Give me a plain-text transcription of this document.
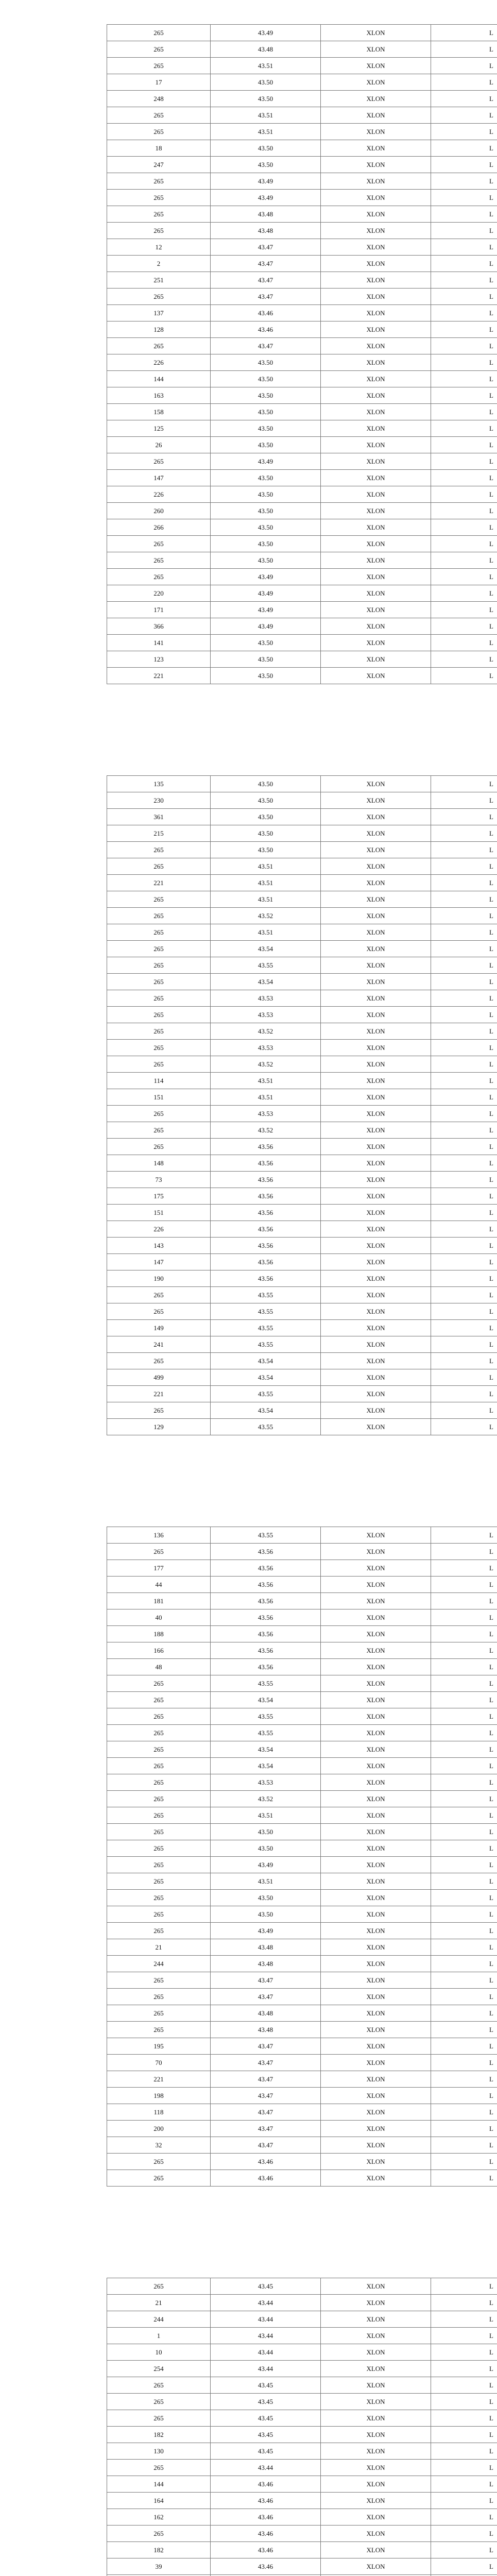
265	43.49	XLON	L
265	43.48	XLON	L
265	43.51	XLON	L
17	43.50	XLON	L
248	43.50	XLON	L
265	43.51	XLON	L
265	43.51	XLON	L
18	43.50	XLON	L
247	43.50	XLON	L
265	43.49	XLON	L
265	43.49	XLON	L
265	43.48	XLON	L
265	43.48	XLON	L
12	43.47	XLON	L
2	43.47	XLON	L
251	43.47	XLON	L
265	43.47	XLON	L
137	43.46	XLON	L
128	43.46	XLON	L
265	43.47	XLON	L
226	43.50	XLON	L
144	43.50	XLON	L
163	43.50	XLON	L
158	43.50	XLON	L
125	43.50	XLON	L
26	43.50	XLON	L
265	43.49	XLON	L
147	43.50	XLON	L
226	43.50	XLON	L
260	43.50	XLON	L
266	43.50	XLON	L
265	43.50	XLON	L
265	43.50	XLON	L
265	43.49	XLON	L
220	43.49	XLON	L
171	43.49	XLON	L
366	43.49	XLON	L
141	43.50	XLON	L
123	43.50	XLON	L
221	43.50	XLON	L
135	43.50	XLON	L
230	43.50	XLON	L
361	43.50	XLON	L
215	43.50	XLON	L
265	43.50	XLON	L
265	43.51	XLON	L
221	43.51	XLON	L
265	43.51	XLON	L
265	43.52	XLON	L
265	43.51	XLON	L
265	43.54	XLON	L
265	43.55	XLON	L
265	43.54	XLON	L
265	43.53	XLON	L
265	43.53	XLON	L
265	43.52	XLON	L
265	43.53	XLON	L
265	43.52	XLON	L
114	43.51	XLON	L
151	43.51	XLON	L
265	43.53	XLON	L
265	43.52	XLON	L
265	43.56	XLON	L
148	43.56	XLON	L
73	43.56	XLON	L
175	43.56	XLON	L
151	43.56	XLON	L
226	43.56	XLON	L
143	43.56	XLON	L
147	43.56	XLON	L
190	43.56	XLON	L
265	43.55	XLON	L
265	43.55	XLON	L
149	43.55	XLON	L
241	43.55	XLON	L
265	43.54	XLON	L
499	43.54	XLON	L
221	43.55	XLON	L
265	43.54	XLON	L
129	43.55	XLON	L
136	43.55	XLON	L
265	43.56	XLON	L
177	43.56	XLON	L
44	43.56	XLON	L
181	43.56	XLON	L
40	43.56	XLON	L
188	43.56	XLON	L
166	43.56	XLON	L
48	43.56	XLON	L
265	43.55	XLON	L
265	43.54	XLON	L
265	43.55	XLON	L
265	43.55	XLON	L
265	43.54	XLON	L
265	43.54	XLON	L
265	43.53	XLON	L
265	43.52	XLON	L
265	43.51	XLON	L
265	43.50	XLON	L
265	43.50	XLON	L
265	43.49	XLON	L
265	43.51	XLON	L
265	43.50	XLON	L
265	43.50	XLON	L
265	43.49	XLON	L
21	43.48	XLON	L
244	43.48	XLON	L
265	43.47	XLON	L
265	43.47	XLON	L
265	43.48	XLON	L
265	43.48	XLON	L
195	43.47	XLON	L
70	43.47	XLON	L
221	43.47	XLON	L
198	43.47	XLON	L
118	43.47	XLON	L
200	43.47	XLON	L
32	43.47	XLON	L
265	43.46	XLON	L
265	43.46	XLON	L
265	43.45	XLON	L
21	43.44	XLON	L
244	43.44	XLON	L
1	43.44	XLON	L
10	43.44	XLON	L
254	43.44	XLON	L
265	43.45	XLON	L
265	43.45	XLON	L
265	43.45	XLON	L
182	43.45	XLON	L
130	43.45	XLON	L
265	43.44	XLON	L
144	43.46	XLON	L
164	43.46	XLON	L
162	43.46	XLON	L
265	43.46	XLON	L
182	43.46	XLON	L
39	43.46	XLON	L
